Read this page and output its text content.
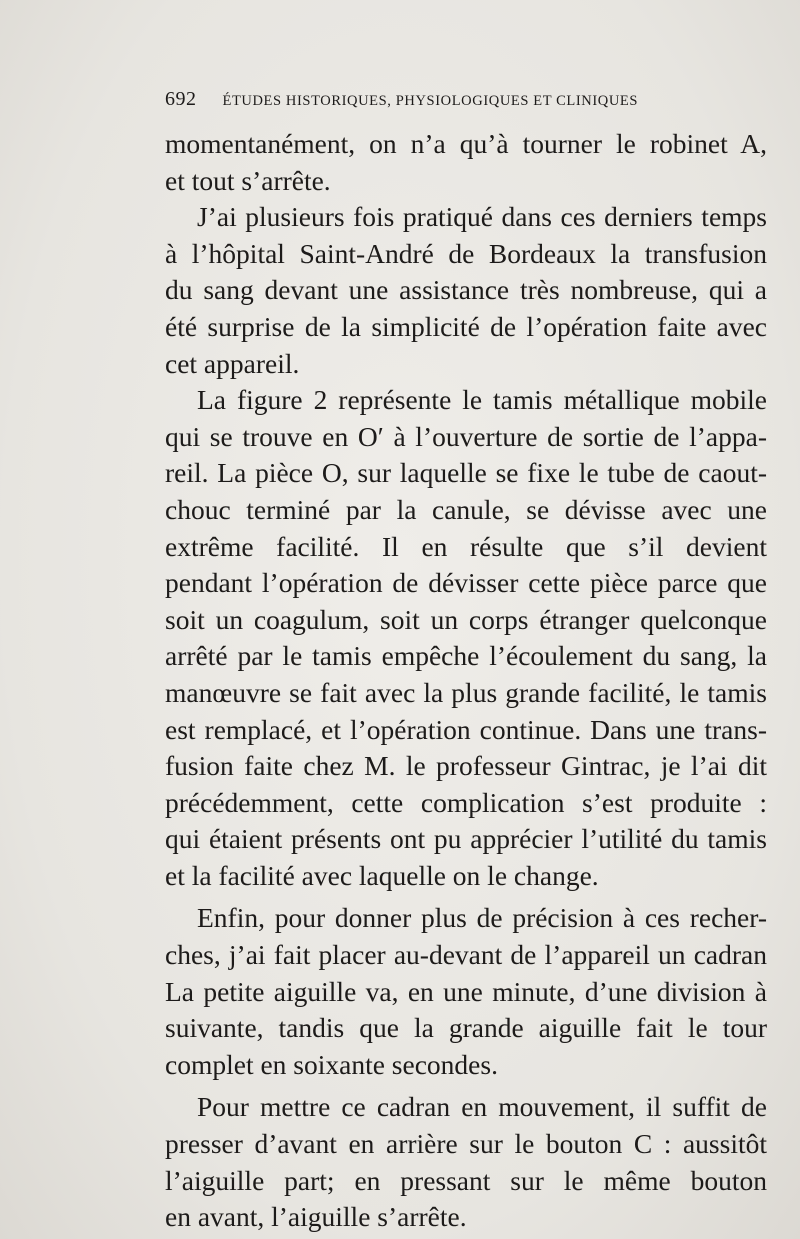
692 ÉTUDES HISTORIQUES, PHYSIOLOGIQUES ET CLINIQUES
momentanément, on n’a qu’à tourner le robinet A,
et tout s’arrête.
J’ai plusieurs fois pratiqué dans ces derniers temps
à l’hôpital Saint-André de Bordeaux la transfusion
du sang devant une assistance très nombreuse, qui a
été surprise de la simplicité de l’opération faite avec
cet appareil.
La figure 2 représente le tamis métallique mobile
qui se trouve en O′ à l’ouverture de sortie de l’appa-
reil. La pièce O, sur laquelle se fixe le tube de caout-
chouc terminé par la canule, se dévisse avec une
extrême facilité. Il en résulte que s’il devient
pendant l’opération de dévisser cette pièce parce que
soit un coagulum, soit un corps étranger quelconque
arrêté par le tamis empêche l’écoulement du sang, la
manœuvre se fait avec la plus grande facilité, le tamis
est remplacé, et l’opération continue. Dans une trans-
fusion faite chez M. le professeur Gintrac, je l’ai dit
précédemment, cette complication s’est produite :
qui étaient présents ont pu apprécier l’utilité du tamis
et la facilité avec laquelle on le change.
Enfin, pour donner plus de précision à ces recher-
ches, j’ai fait placer au-devant de l’appareil un cadran
La petite aiguille va, en une minute, d’une division à
suivante, tandis que la grande aiguille fait le tour
complet en soixante secondes.
Pour mettre ce cadran en mouvement, il suffit de
presser d’avant en arrière sur le bouton C : aussitôt
l’aiguille part; en pressant sur le même bouton
en avant, l’aiguille s’arrête.
